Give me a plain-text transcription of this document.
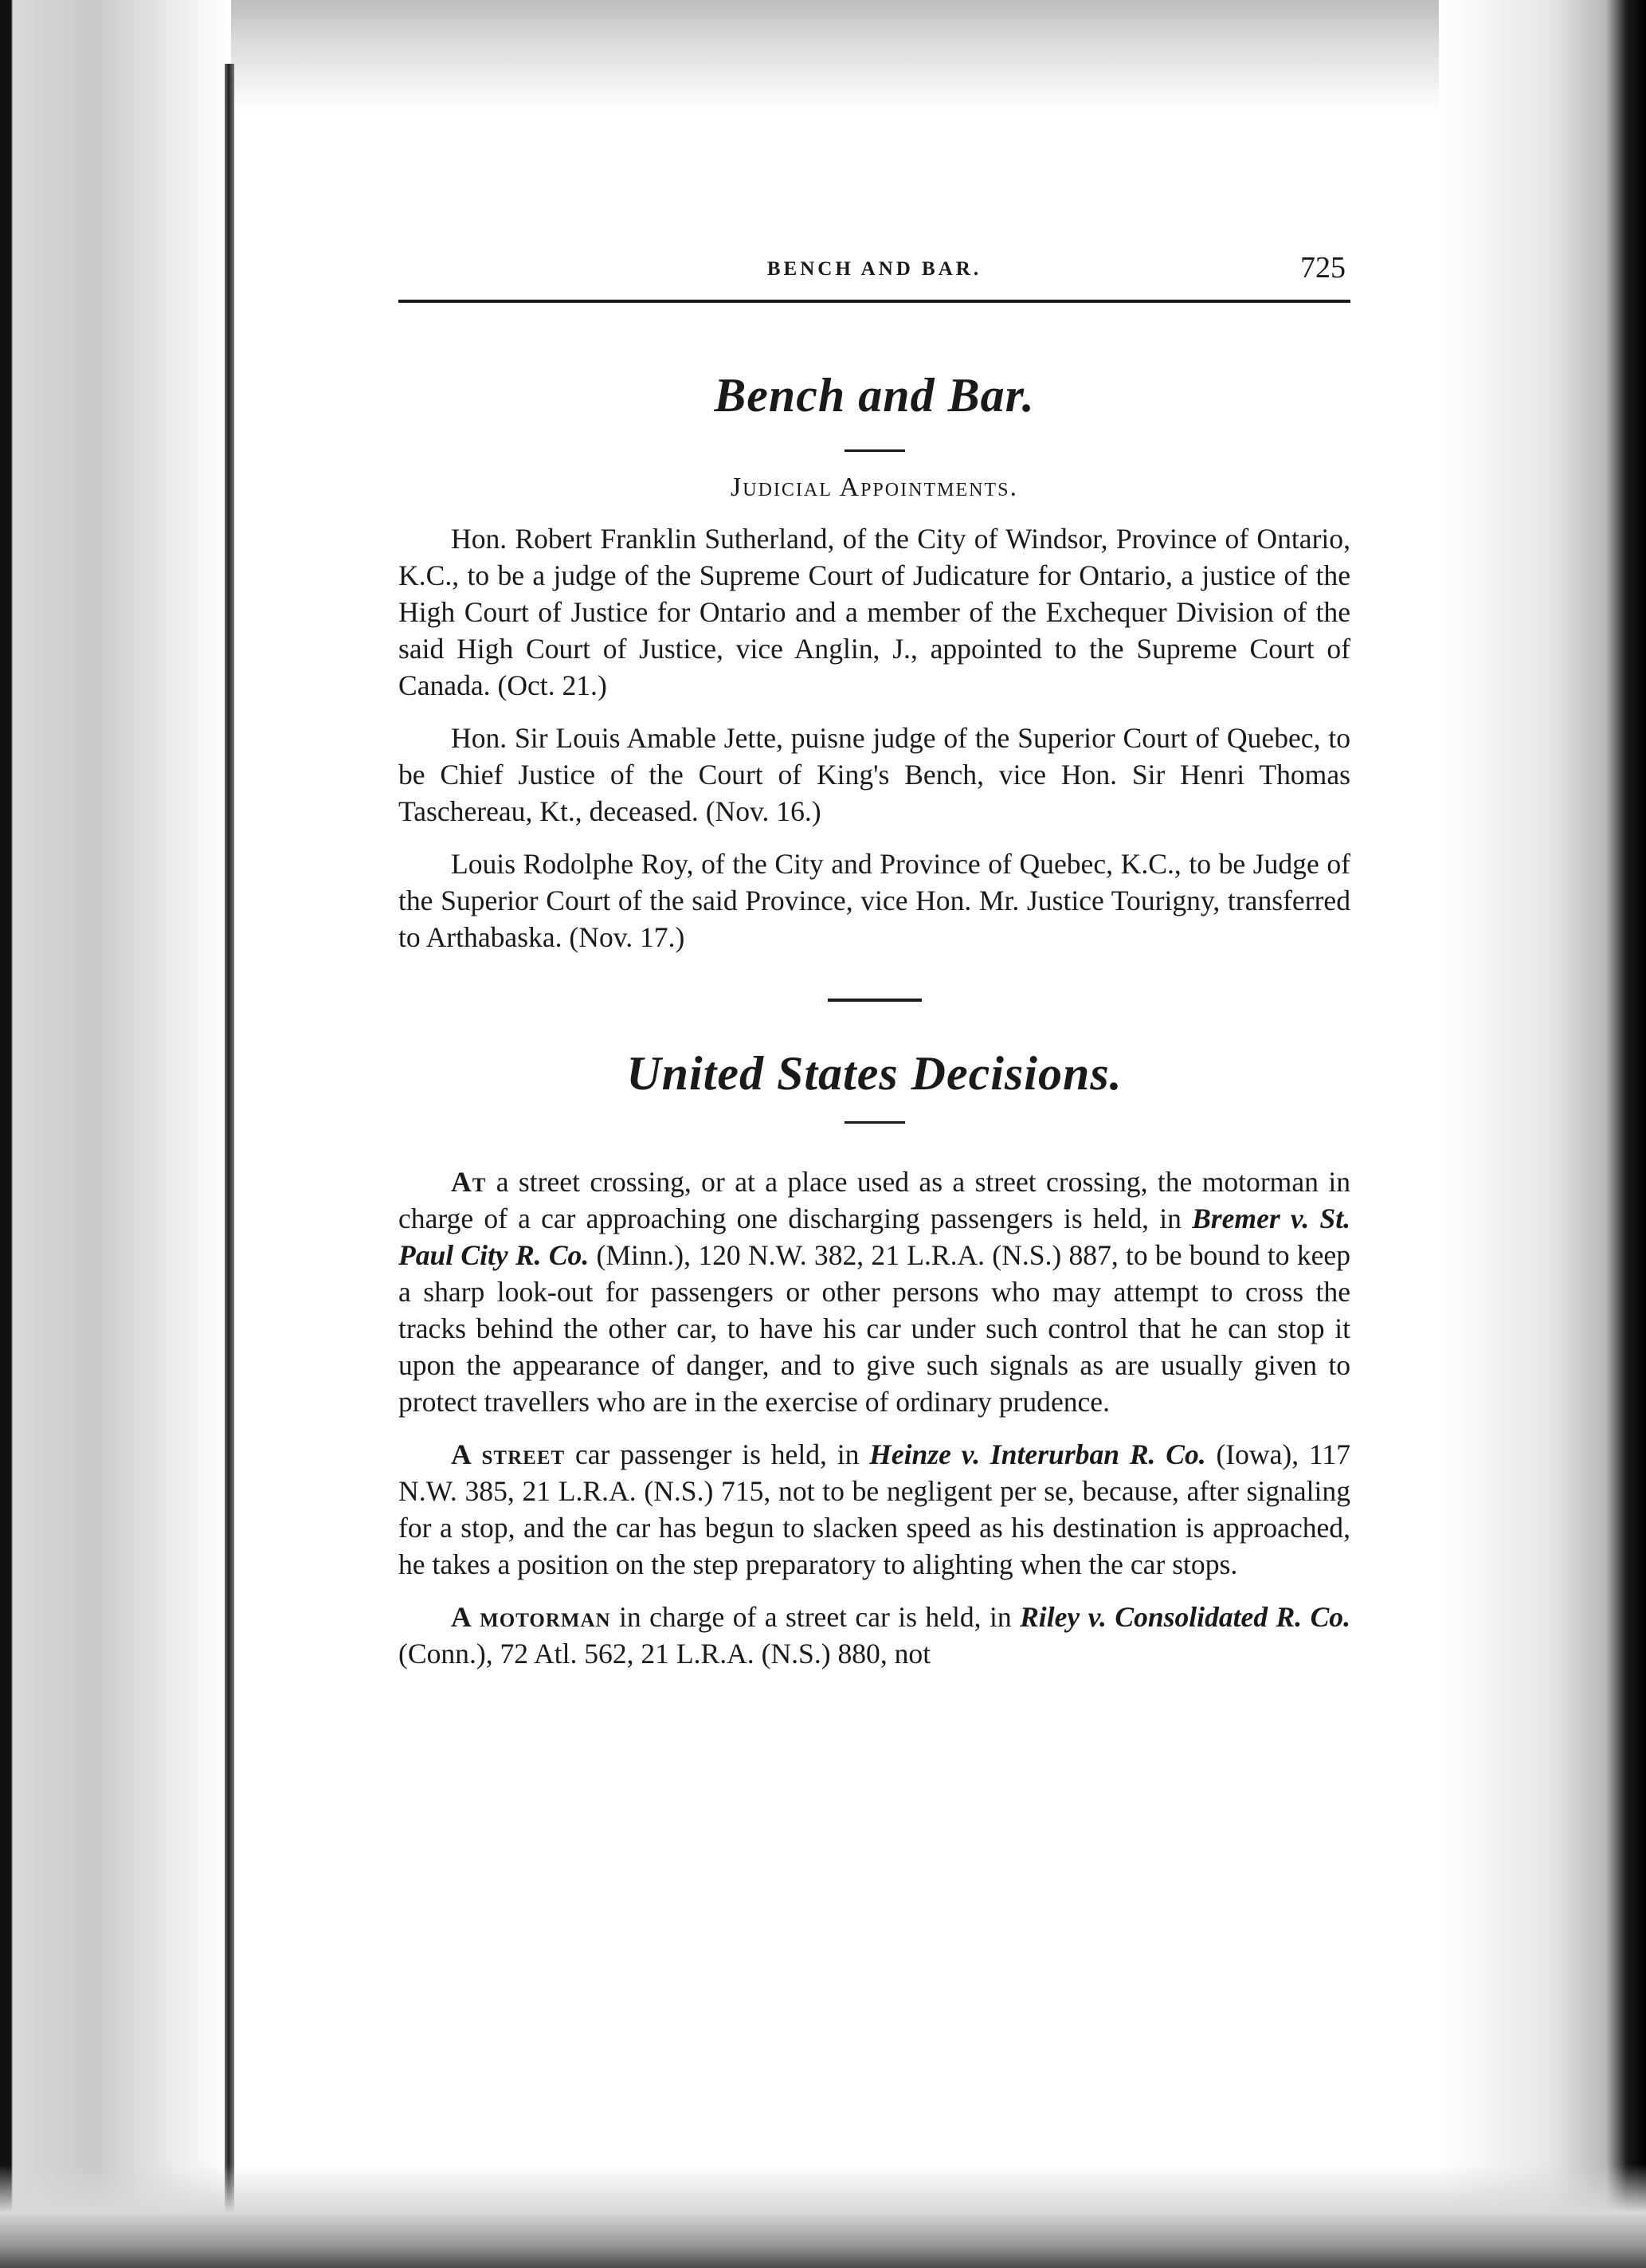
BENCH AND BAR.	725
Bench and Bar.
Judicial Appointments.

Hon. Robert Franklin Sutherland, of the City of Windsor, Province of Ontario, K.C., to be a judge of the Supreme Court of Judicature for Ontario, a justice of the High Court of Justice for Ontario and a member of the Exchequer Division of the said High Court of Justice, vice Anglin, J., appointed to the Supreme Court of Canada. (Oct. 21.)

Hon. Sir Louis Amable Jette, puisne judge of the Superior Court of Quebec, to be Chief Justice of the Court of King's Bench, vice Hon. Sir Henri Thomas Taschereau, Kt., deceased. (Nov. 16.)

Louis Rodolphe Roy, of the City and Province of Quebec, K.C., to be Judge of the Superior Court of the said Province, vice Hon. Mr. Justice Tourigny, transferred to Arthabaska. (Nov. 17.)

United States Decisions.

At a street crossing, or at a place used as a street crossing, the motorman in charge of a car approaching one discharging passengers is held, in Bremer v. St. Paul City R. Co. (Minn.), 120 N.W. 382, 21 L.R.A. (N.S.) 887, to be bound to keep a sharp look-out for passengers or other persons who may attempt to cross the tracks behind the other car, to have his car under such control that he can stop it upon the appearance of danger, and to give such signals as are usually given to protect travellers who are in the exercise of ordinary prudence.

A street car passenger is held, in Heinze v. Interurban R. Co. (Iowa), 117 N.W. 385, 21 L.R.A. (N.S.) 715, not to be negligent per se, because, after signaling for a stop, and the car has begun to slacken speed as his destination is approached, he takes a position on the step preparatory to alighting when the car stops.

A motorman in charge of a street car is held, in Riley v. Consolidated R. Co. (Conn.), 72 Atl. 562, 21 L.R.A. (N.S.) 880, not
